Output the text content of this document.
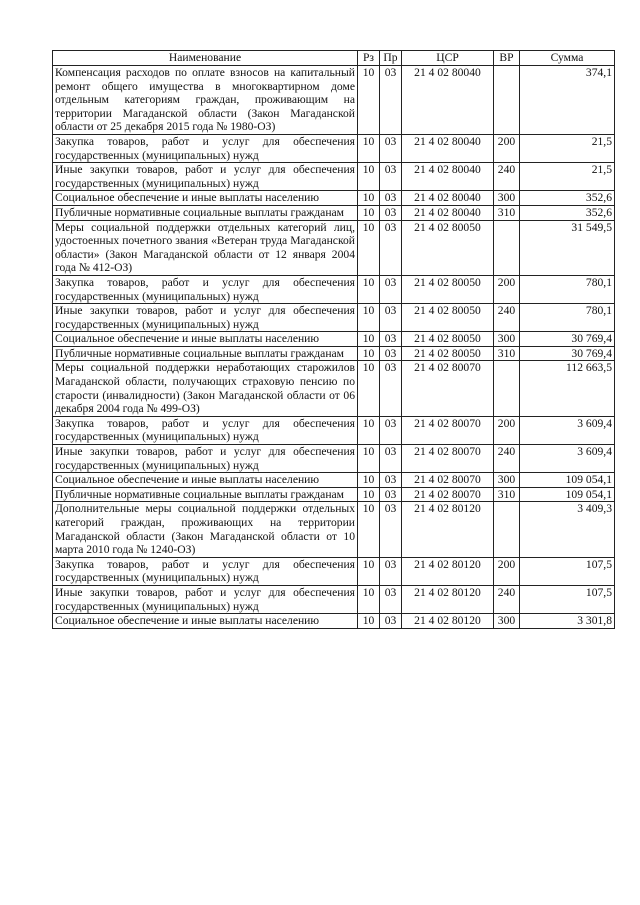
Наименование	Рз	Пр	ЦСР	ВР	Сумма
Компенсация расходов по оплате взносов на капитальный ремонт общего имущества в многоквартирном доме отдельным категориям граждан, проживающим на территории Магаданской области (Закон Магаданской области от 25 декабря 2015 года № 1980-ОЗ)	10	03	21 4 02 80040		374,1
Закупка товаров, работ и услуг для обеспечения государственных (муниципальных) нужд	10	03	21 4 02 80040	200	21,5
Иные закупки товаров, работ и услуг для обеспечения государственных (муниципальных) нужд	10	03	21 4 02 80040	240	21,5
Социальное обеспечение и иные выплаты населению	10	03	21 4 02 80040	300	352,6
Публичные нормативные социальные выплаты гражданам	10	03	21 4 02 80040	310	352,6
Меры социальной поддержки отдельных категорий лиц, удостоенных почетного звания «Ветеран труда Магаданской области» (Закон Магаданской области от 12 января 2004 года № 412-ОЗ)	10	03	21 4 02 80050		31 549,5
Закупка товаров, работ и услуг для обеспечения государственных (муниципальных) нужд	10	03	21 4 02 80050	200	780,1
Иные закупки товаров, работ и услуг для обеспечения государственных (муниципальных) нужд	10	03	21 4 02 80050	240	780,1
Социальное обеспечение и иные выплаты населению	10	03	21 4 02 80050	300	30 769,4
Публичные нормативные социальные выплаты гражданам	10	03	21 4 02 80050	310	30 769,4
Меры социальной поддержки неработающих старожилов Магаданской области, получающих страховую пенсию по старости (инвалидности) (Закон Магаданской области от 06 декабря 2004 года № 499-ОЗ)	10	03	21 4 02 80070		112 663,5
Закупка товаров, работ и услуг для обеспечения государственных (муниципальных) нужд	10	03	21 4 02 80070	200	3 609,4
Иные закупки товаров, работ и услуг для обеспечения государственных (муниципальных) нужд	10	03	21 4 02 80070	240	3 609,4
Социальное обеспечение и иные выплаты населению	10	03	21 4 02 80070	300	109 054,1
Публичные нормативные социальные выплаты гражданам	10	03	21 4 02 80070	310	109 054,1
Дополнительные меры социальной поддержки отдельных категорий граждан, проживающих на территории Магаданской области (Закон Магаданской области от 10 марта 2010 года № 1240-ОЗ)	10	03	21 4 02 80120		3 409,3
Закупка товаров, работ и услуг для обеспечения государственных (муниципальных) нужд	10	03	21 4 02 80120	200	107,5
Иные закупки товаров, работ и услуг для обеспечения государственных (муниципальных) нужд	10	03	21 4 02 80120	240	107,5
Социальное обеспечение и иные выплаты населению	10	03	21 4 02 80120	300	3 301,8
